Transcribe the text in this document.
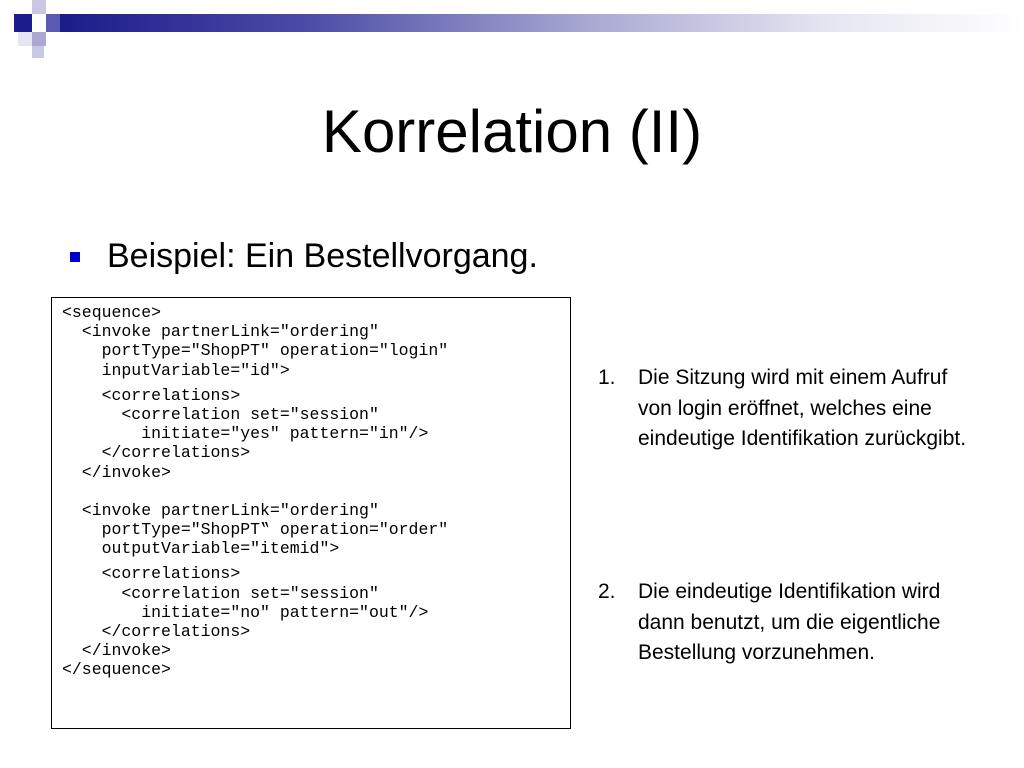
Korrelation (II)
Beispiel: Ein Bestellvorgang.
<sequence>
<invoke partnerLink="ordering"
portType="ShopPT" operation="login"
inputVariable="id">
<correlations>
<correlation set="session"
initiate="yes" pattern="in"/>
</correlations>
</invoke>
<invoke partnerLink="ordering"
portType="ShopPT‟ operation="order"
outputVariable="itemid">
<correlations>
<correlation set="session"
initiate="no" pattern="out"/>
</correlations>
</invoke>
</sequence>
1.	Die Sitzung wird mit einem Aufruf von login eröffnet, welches eine eindeutige Identifikation zurückgibt.
2.	Die eindeutige Identifikation wird dann benutzt, um die eigentliche Bestellung vorzunehmen.
